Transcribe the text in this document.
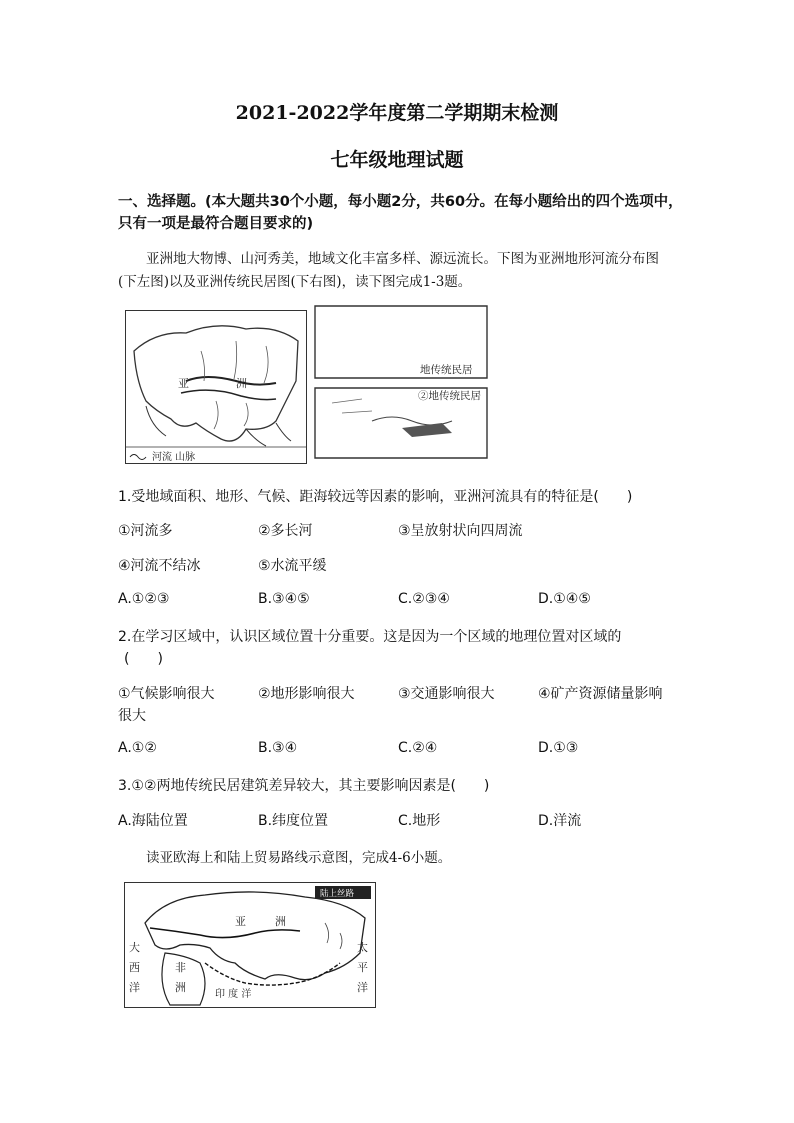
2021-2022学年度第二学期期末检测
七年级地理试题
一、选择题。(本大题共30个小题，每小题2分，共60分。在每小题给出的四个选项中，
只有一项是最符合题目要求的)
亚洲地大物博、山河秀美，地域文化丰富多样、源远流长。下图为亚洲地形河流分布图
(下左图)以及亚洲传统民居图(下右图)，读下图完成1-3题。
亚	洲
河流 山脉
地传统民居
②地传统民居
1.受地域面积、地形、气候、距海较远等因素的影响，亚洲河流具有的特征是(　　)
①河流多	②多长河	③呈放射状向四周流
④河流不结冰	⑤水流平缓
A.①②③	B.③④⑤	C.②③④	D.①④⑤
2.在学习区域中，认识区域位置十分重要。这是因为一个区域的地理位置对区域的
(　　)
①气候影响很大	②地形影响很大	③交通影响很大	④矿产资源储量影响
很大
A.①②	B.③④	C.②④	D.①③
3.①②两地传统民居建筑差异较大，其主要影响因素是(　　)
A.海陆位置	B.纬度位置	C.地形	D.洋流
读亚欧海上和陆上贸易路线示意图，完成4-6小题。
陆上丝路
亚	洲
非
洲
印 度 洋
太
平
洋
大
西
洋
